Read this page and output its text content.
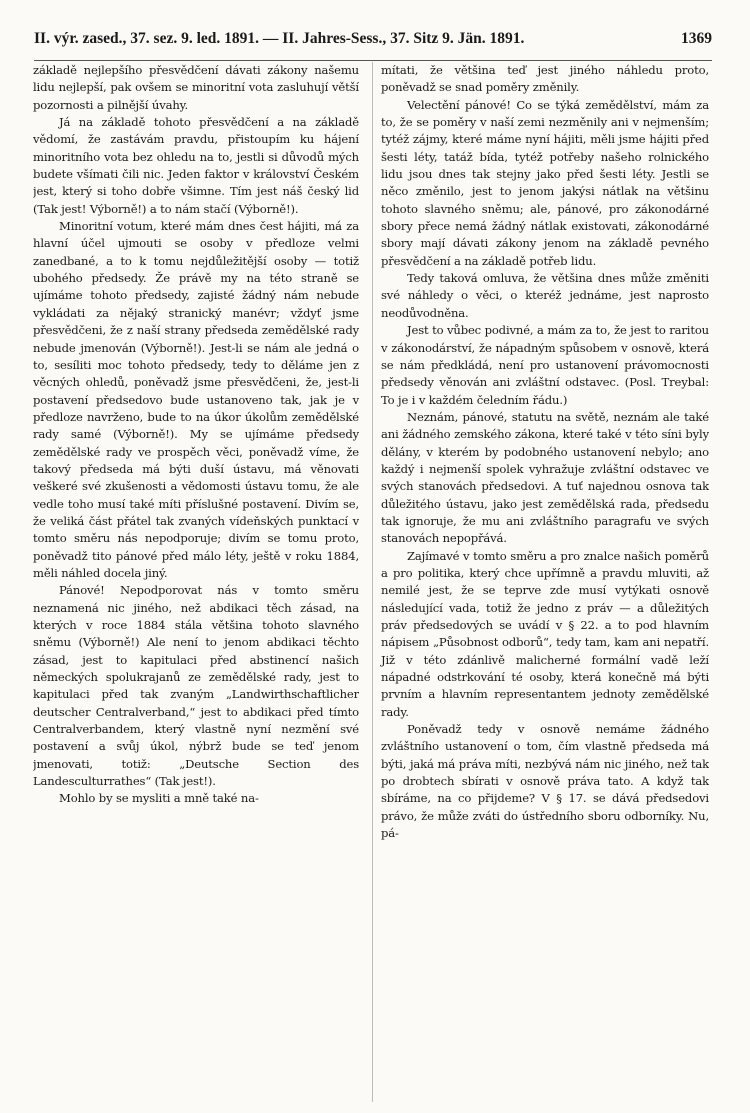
II. výr. zased., 37. sez. 9. led. 1891. — II. Jahres-Sess., 37. Sitz 9. Jän. 1891.	1369

základě nejlepšího přesvědčení dávati zákony našemu lidu nejlepší, pak ovšem se minoritní vota zasluhují větší pozornosti a pilnější úvahy.

Já na základě tohoto přesvědčení a na základě vědomí, že zastávám pravdu, přistoupím ku hájení minoritního vota bez ohledu na to, jestli si důvodů mých budete všímati čili nic. Jeden faktor v království Českém jest, který si toho dobře všimne. Tím jest náš český lid (Tak jest! Výborně!) a to nám stačí (Výborně!).

Minoritní votum, které mám dnes čest hájiti, má za hlavní účel ujmouti se osoby v předloze velmi zanedbané, a to k tomu nejdůležitější osoby — totiž ubohého předsedy. Že právě my na této straně se ujímáme tohoto předsedy, zajisté žádný nám nebude vykládati za nějaký stranický manévr; vždyť jsme přesvědčeni, že z naší strany předseda zemědělské rady nebude jmenován (Výborně!). Jest-li se nám ale jedná o to, sesíliti moc tohoto předsedy, tedy to děláme jen z věcných ohledů, poněvadž jsme přesvědčeni, že, jest-li postavení předsedovo bude ustanoveno tak, jak je v předloze navrženo, bude to na úkor úkolům zemědělské rady samé (Výborně!). My se ujímáme předsedy zemědělské rady ve prospěch věci, poněvadž víme, že takový předseda má býti duší ústavu, má věnovati veškeré své zkušenosti a vědomosti ústavu tomu, že ale vedle toho musí také míti příslušné postavení. Divím se, že veliká část přátel tak zvaných vídeňských punktací v tomto směru nás nepodporuje; divím se tomu proto, poněvadž tito pánové před málo léty, ještě v roku 1884, měli náhled docela jiný.

Pánové! Nepodporovat nás v tomto směru neznamená nic jiného, než abdikaci těch zásad, na kterých v roce 1884 stála většina tohoto slavného sněmu (Výborně!) Ale není to jenom abdikaci těchto zásad, jest to kapitulaci před abstinencí našich německých spolukrajanů ze zemědělské rady, jest to kapitulaci před tak zvaným „Landwirthschaftlicher deutscher Centralverband,“ jest to abdikaci před tímto Centralverbandem, který vlastně nyní nezmění své postavení a svůj úkol, nýbrž bude se teď jenom jmenovati, totiž: „Deutsche Section des Landesculturrathes“ (Tak jest!).

Mohlo by se mysliti a mně také na-

mítati, že většina teď jest jiného náhledu proto, poněvadž se snad poměry změnily.

Velectění pánové! Co se týká zemědělství, mám za to, že se poměry v naší zemi nezměnily ani v nejmenším; tytéž zájmy, které máme nyní hájiti, měli jsme hájiti před šesti léty, tatáž bída, tytéž potřeby našeho rolnického lidu jsou dnes tak stejny jako před šesti léty. Jestli se něco změnilo, jest to jenom jakýsi nátlak na většinu tohoto slavného sněmu; ale, pánové, pro zákonodárné sbory přece nemá žádný nátlak existovati, zákonodárné sbory mají dávati zákony jenom na základě pevného přesvědčení a na základě potřeb lidu.

Tedy taková omluva, že většina dnes může změniti své náhledy o věci, o kteréž jednáme, jest naprosto neodůvodněna.

Jest to vůbec podivné, a mám za to, že jest to raritou v zákonodárství, že nápadným spůsobem v osnově, která se nám předkládá, není pro ustanovení právomocnosti předsedy věnován ani zvláštní odstavec. (Posl. Treybal: To je i v každém čeledním řádu.)

Neznám, pánové, statutu na světě, neznám ale také ani žádného zemského zákona, které také v této síni byly dělány, v kterém by podobného ustanovení nebylo; ano každý i nejmenší spolek vyhražuje zvláštní odstavec ve svých stanovách předsedovi. A tuť najednou osnova tak důležitého ústavu, jako jest zemědělská rada, předsedu tak ignoruje, že mu ani zvláštního paragrafu ve svých stanovách nepopřává.

Zajímavé v tomto směru a pro znalce našich poměrů a pro politika, který chce upřímně a pravdu mluviti, až nemilé jest, že se teprve zde musí vytýkati osnově následující vada, totiž že jedno z práv — a důležitých práv předsedových se uvádí v § 22. a to pod hlavním nápisem „Působnost odborů“, tedy tam, kam ani nepatří. Již v této zdánlivě malicherné formální vadě leží nápadné odstrkování té osoby, která konečně má býti prvním a hlavním representantem jednoty zemědělské rady.

Poněvadž tedy v osnově nemáme žádného zvláštního ustanovení o tom, čím vlastně předseda má býti, jaká má práva míti, nezbývá nám nic jiného, než tak po drobtech sbírati v osnově práva tato. A když tak sbíráme, na co přijdeme? V § 17. se dává předsedovi právo, že může zváti do ústředního sboru odborníky. Nu, pá-
